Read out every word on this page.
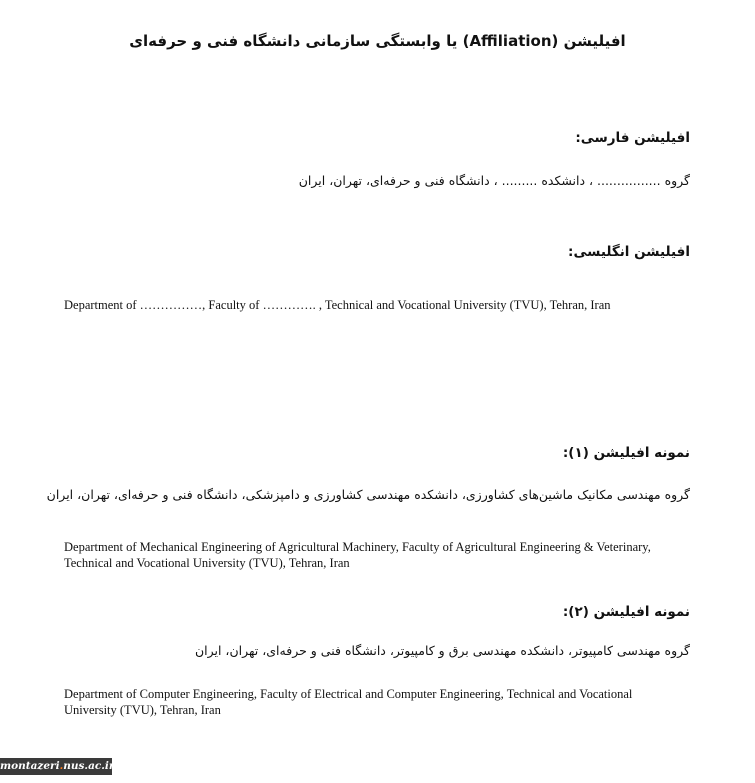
افیلیشن (Affiliation) یا وابستگی سازمانی دانشگاه فنی و حرفه‌ای
افیلیشن فارسی:
گروه ................ ، دانشکده ......... ، دانشگاه فنی و حرفه‌ای، تهران، ایران
افیلیشن انگلیسی:
Department of ……………, Faculty of …………. , Technical and Vocational University (TVU), Tehran, Iran
نمونه افیلیشن (۱):
گروه مهندسی مکانیک ماشین‌های کشاورزی، دانشکده مهندسی کشاورزی و دامپزشکی، دانشگاه فنی و حرفه‌ای، تهران، ایران
Department of Mechanical Engineering of Agricultural Machinery, Faculty of Agricultural Engineering & Veterinary, Technical and Vocational University (TVU), Tehran, Iran
نمونه افیلیشن (۲):
گروه مهندسی کامپیوتر، دانشکده مهندسی برق و کامپیوتر، دانشگاه فنی و حرفه‌ای، تهران، ایران
Department of Computer Engineering, Faculty of Electrical and Computer Engineering, Technical and Vocational University (TVU), Tehran, Iran
montazeri.nus.ac.ir
